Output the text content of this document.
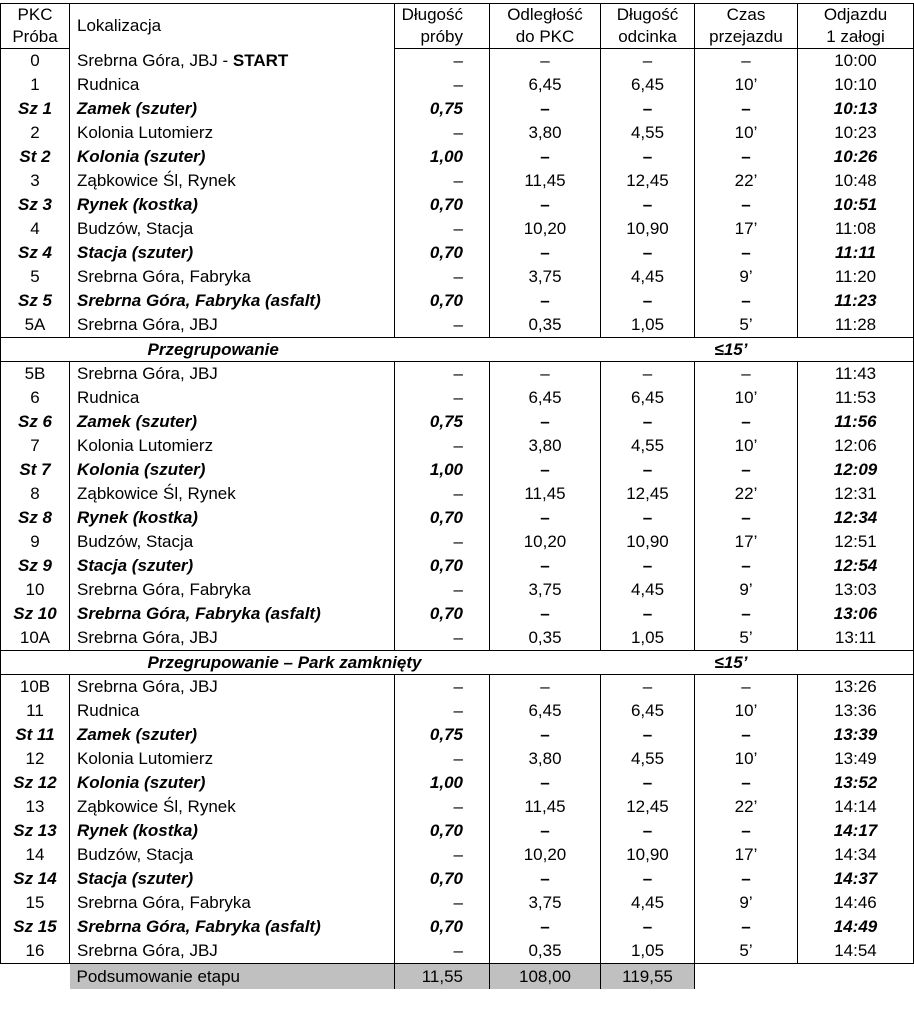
PKC	Lokalizacja	Długość	Odległość	Długość	Czas	Odjazdu
Próba		próby	do PKC	odcinka	przejazdu	1 załogi
0	Srebrna Góra, JBJ - START	–	–	–	–	10:00
1	Rudnica	–	6,45	6,45	10’	10:10
Sz 1	Zamek (szuter)	0,75	–	–	–	10:13
2	Kolonia Lutomierz	–	3,80	4,55	10’	10:23
St 2	Kolonia (szuter)	1,00	–	–	–	10:26
3	Ząbkowice Śl, Rynek	–	11,45	12,45	22’	10:48
Sz 3	Rynek (kostka)	0,70	–	–	–	10:51
4	Budzów, Stacja	–	10,20	10,90	17’	11:08
Sz 4	Stacja (szuter)	0,70	–	–	–	11:11
5	Srebrna Góra, Fabryka	–	3,75	4,45	9’	11:20
Sz 5	Srebrna Góra, Fabryka (asfalt)	0,70	–	–	–	11:23
5A	Srebrna Góra, JBJ	–	0,35	1,05	5’	11:28
	Przegrupowanie				≤15’	
5B	Srebrna Góra, JBJ	–	–	–	–	11:43
6	Rudnica	–	6,45	6,45	10’	11:53
Sz 6	Zamek (szuter)	0,75	–	–	–	11:56
7	Kolonia Lutomierz	–	3,80	4,55	10’	12:06
St 7	Kolonia (szuter)	1,00	–	–	–	12:09
8	Ząbkowice Śl, Rynek	–	11,45	12,45	22’	12:31
Sz 8	Rynek (kostka)	0,70	–	–	–	12:34
9	Budzów, Stacja	–	10,20	10,90	17’	12:51
Sz 9	Stacja (szuter)	0,70	–	–	–	12:54
10	Srebrna Góra, Fabryka	–	3,75	4,45	9’	13:03
Sz 10	Srebrna Góra, Fabryka (asfalt)	0,70	–	–	–	13:06
10A	Srebrna Góra, JBJ	–	0,35	1,05	5’	13:11
	Przegrupowanie – Park zamknięty				≤15’	
10B	Srebrna Góra, JBJ	–	–	–	–	13:26
11	Rudnica	–	6,45	6,45	10’	13:36
St 11	Zamek (szuter)	0,75	–	–	–	13:39
12	Kolonia Lutomierz	–	3,80	4,55	10’	13:49
Sz 12	Kolonia (szuter)	1,00	–	–	–	13:52
13	Ząbkowice Śl, Rynek	–	11,45	12,45	22’	14:14
Sz 13	Rynek (kostka)	0,70	–	–	–	14:17
14	Budzów, Stacja	–	10,20	10,90	17’	14:34
Sz 14	Stacja (szuter)	0,70	–	–	–	14:37
15	Srebrna Góra, Fabryka	–	3,75	4,45	9’	14:46
Sz 15	Srebrna Góra, Fabryka (asfalt)	0,70	–	–	–	14:49
16	Srebrna Góra, JBJ	–	0,35	1,05	5’	14:54
	Podsumowanie etapu	11,55	108,00	119,55		
